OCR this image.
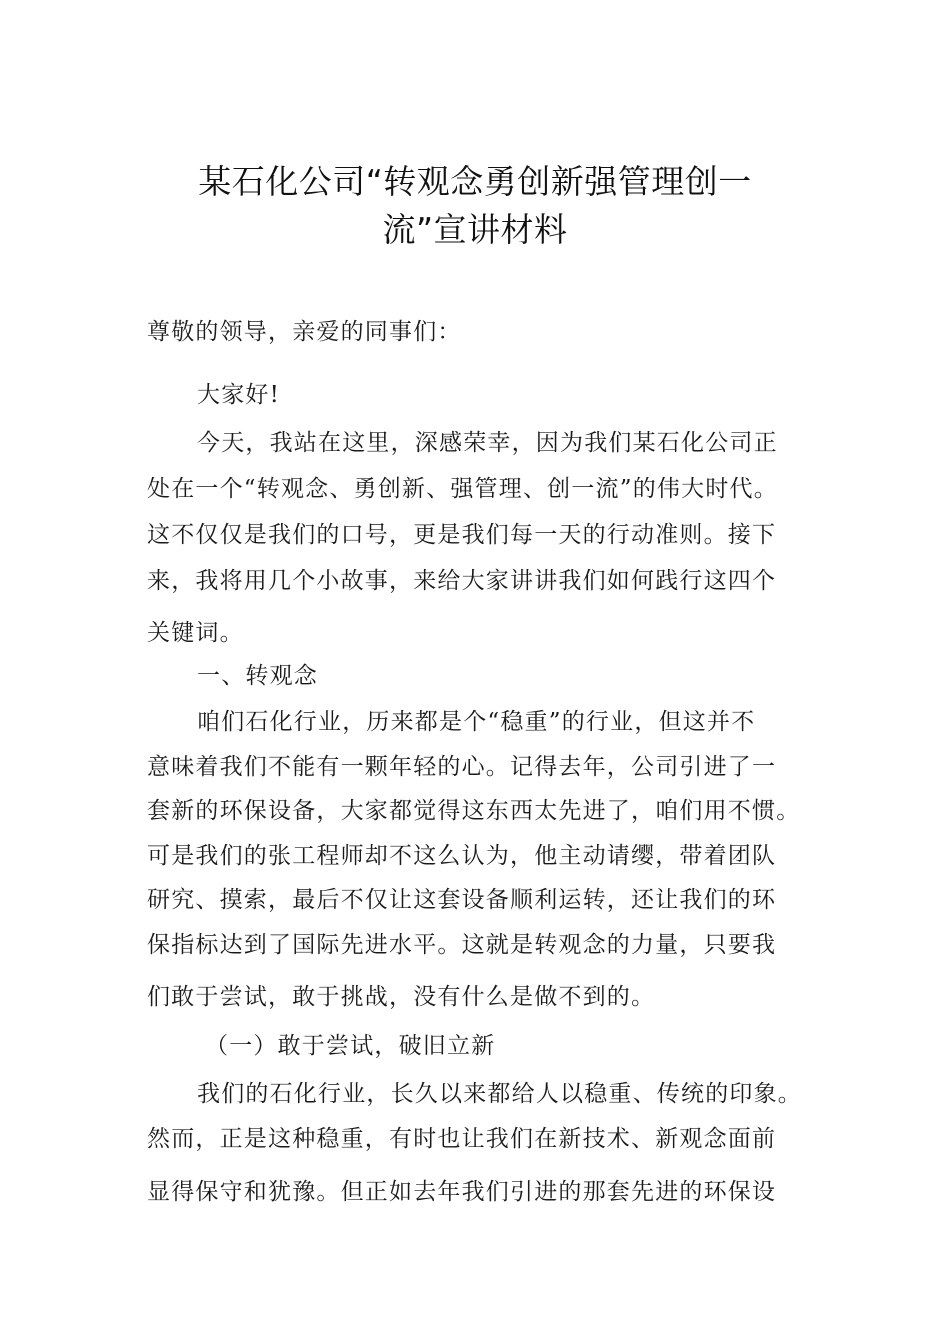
某石化公司“转观念勇创新强管理创一
流”宣讲材料

尊敬的领导，亲爱的同事们：

大家好!

今天，我站在这里，深感荣幸，因为我们某石化公司正
处在一个“转观念、勇创新、强管理、创一流”的伟大时代。
这不仅仅是我们的口号，更是我们每一天的行动准则。接下
来，我将用几个小故事，来给大家讲讲我们如何践行这四个
关键词。

一、转观念

咱们石化行业，历来都是个“稳重”的行业，但这并不
意味着我们不能有一颗年轻的心。记得去年，公司引进了一
套新的环保设备，大家都觉得这东西太先进了，咱们用不惯。
可是我们的张工程师却不这么认为，他主动请缨，带着团队
研究、摸索，最后不仅让这套设备顺利运转，还让我们的环
保指标达到了国际先进水平。这就是转观念的力量，只要我
们敢于尝试，敢于挑战，没有什么是做不到的。

（一）敢于尝试，破旧立新

我们的石化行业，长久以来都给人以稳重、传统的印象。
然而，正是这种稳重，有时也让我们在新技术、新观念面前
显得保守和犹豫。但正如去年我们引进的那套先进的环保设
